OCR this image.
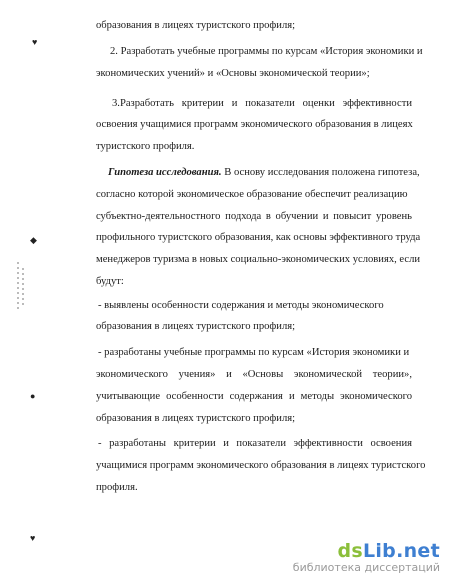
♥
◆
●
♥
образования в лицеях туристского профиля;
2. Разработать учебные программы по курсам «История экономики и
экономических учений» и «Основы экономической теории»;
3.Разработать критерии и показатели оценки эффективности
освоения учащимися программ экономического образования в лицеях
туристского профиля.
Гипотеза исследования. В основу исследования положена гипотеза,
согласно которой экономическое образование обеспечит реализацию
субъектно-деятельностного подхода в обучении и повысит уровень
профильного туристского образования, как основы эффективного труда
менеджеров туризма в новых социально-экономических условиях, если
будут:
- выявлены особенности содержания и методы экономического
образования в лицеях туристского профиля;
- разработаны учебные программы по курсам «История экономики и
экономического учения» и «Основы экономической теории»,
учитывающие особенности содержания и методы экономического
образования в лицеях туристского профиля;
- разработаны критерии и показатели эффективности освоения
учащимися программ экономического образования в лицеях туристского
профиля.
dsLib.net
библиотека диссертаций
